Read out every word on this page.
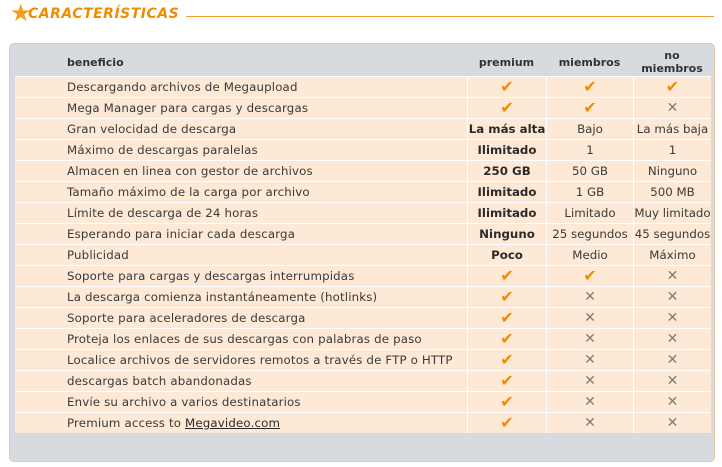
★
CARACTERÍSTICAS
beneficio	premium	miembros	no miembros
Descargando archivos de Megaupload	✔	✔	✔
Mega Manager para cargas y descargas	✔	✔	✕
Gran velocidad de descarga	La más alta	Bajo	La más baja
Máximo de descargas paralelas	Ilimitado	1	1
Almacen en linea con gestor de archivos	250 GB	50 GB	Ninguno
Tamaño máximo de la carga por archivo	Ilimitado	1 GB	500 MB
Límite de descarga de 24 horas	Ilimitado	Limitado	Muy limitado
Esperando para iniciar cada descarga	Ninguno	25 segundos	45 segundos
Publicidad	Poco	Medio	Máximo
Soporte para cargas y descargas interrumpidas	✔	✔	✕
La descarga comienza instantáneamente (hotlinks)	✔	✕	✕
Soporte para aceleradores de descarga	✔	✕	✕
Proteja los enlaces de sus descargas con palabras de paso	✔	✕	✕
Localice archivos de servidores remotos a través de FTP o HTTP	✔	✕	✕
descargas batch abandonadas	✔	✕	✕
Envíe su archivo a varios destinatarios	✔	✕	✕
Premium access to Megavideo.com	✔	✕	✕
